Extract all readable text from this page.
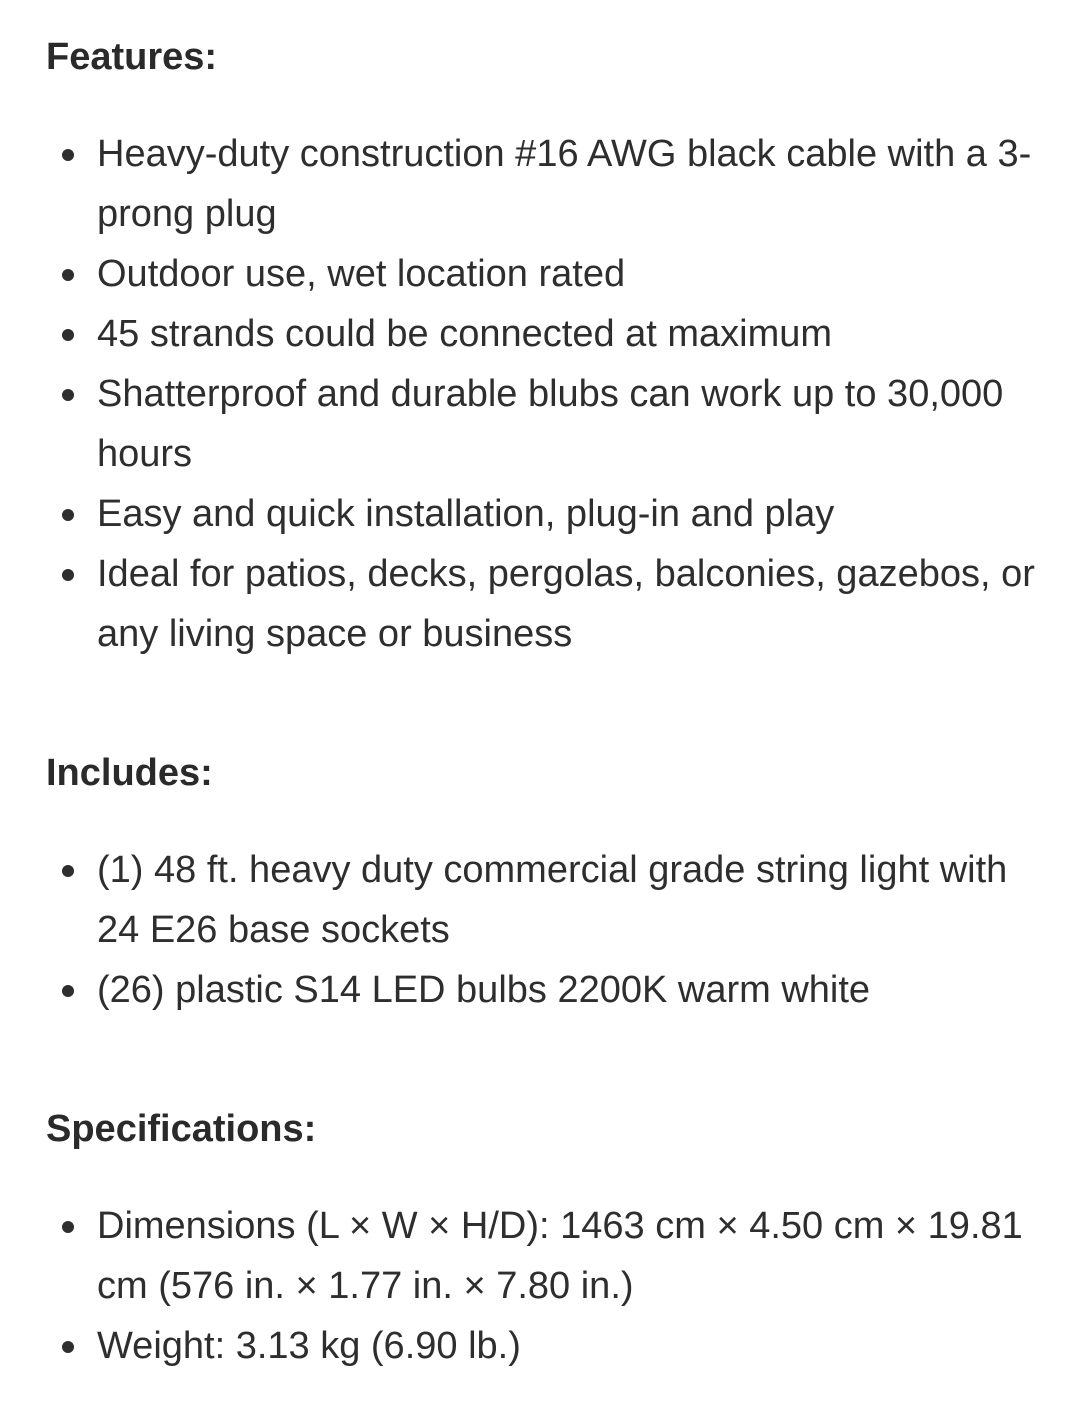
Features:
Heavy-duty construction #16 AWG black cable with a 3-prong plug
Outdoor use, wet location rated
45 strands could be connected at maximum
Shatterproof and durable blubs can work up to 30,000 hours
Easy and quick installation, plug-in and play
Ideal for patios, decks, pergolas, balconies, gazebos, or any living space or business
Includes:
(1) 48 ft. heavy duty commercial grade string light with 24 E26 base sockets
(26) plastic S14 LED bulbs 2200K warm white
Specifications:
Dimensions (L × W × H/D): 1463 cm × 4.50 cm × 19.81 cm (576 in. × 1.77 in. × 7.80 in.)
Weight: 3.13 kg (6.90 lb.)
